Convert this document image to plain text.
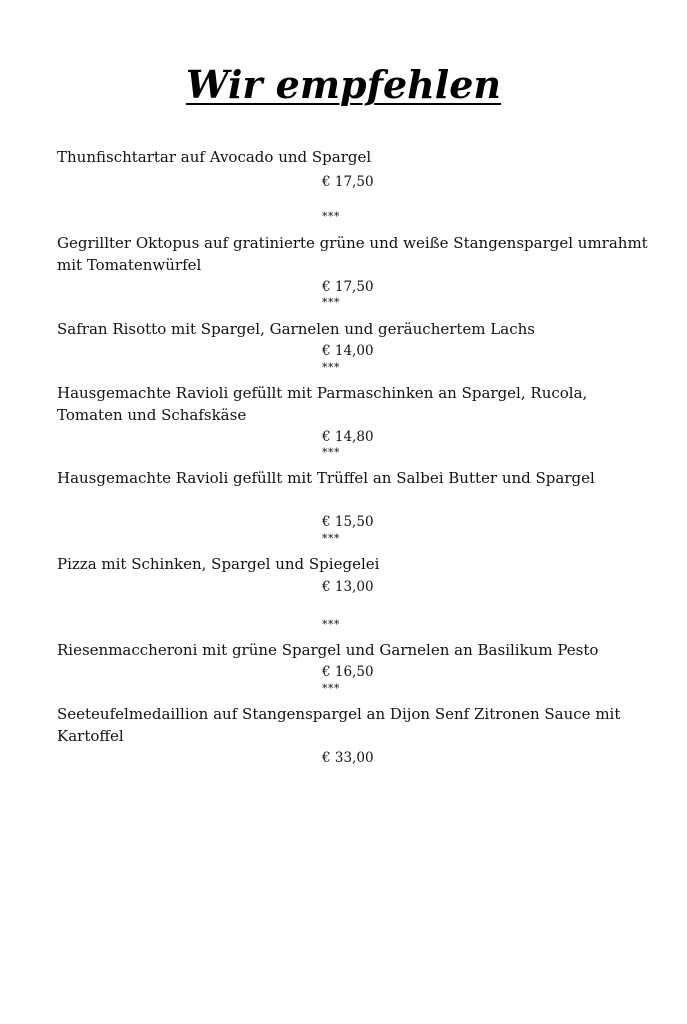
Wir empfehlen
Thunfischtartar auf Avocado und Spargel
€ 17,50
***
Gegrillter Oktopus auf gratinierte grüne und weiße Stangenspargel umrahmt mit Tomatenwürfel
€ 17,50
***
Safran Risotto mit Spargel, Garnelen und geräuchertem Lachs
€ 14,00
***
Hausgemachte Ravioli gefüllt mit Parmaschinken an Spargel, Rucola, Tomaten und Schafskäse
€ 14,80
***
Hausgemachte Ravioli gefüllt mit Trüffel an Salbei Butter und Spargel
€ 15,50
***
Pizza mit Schinken, Spargel und Spiegelei
€ 13,00
***
Riesenmaccheroni mit grüne Spargel und Garnelen an Basilikum Pesto
€ 16,50
***
Seeteufelmedaillion auf Stangenspargel an Dijon Senf Zitronen Sauce mit Kartoffel
€ 33,00
